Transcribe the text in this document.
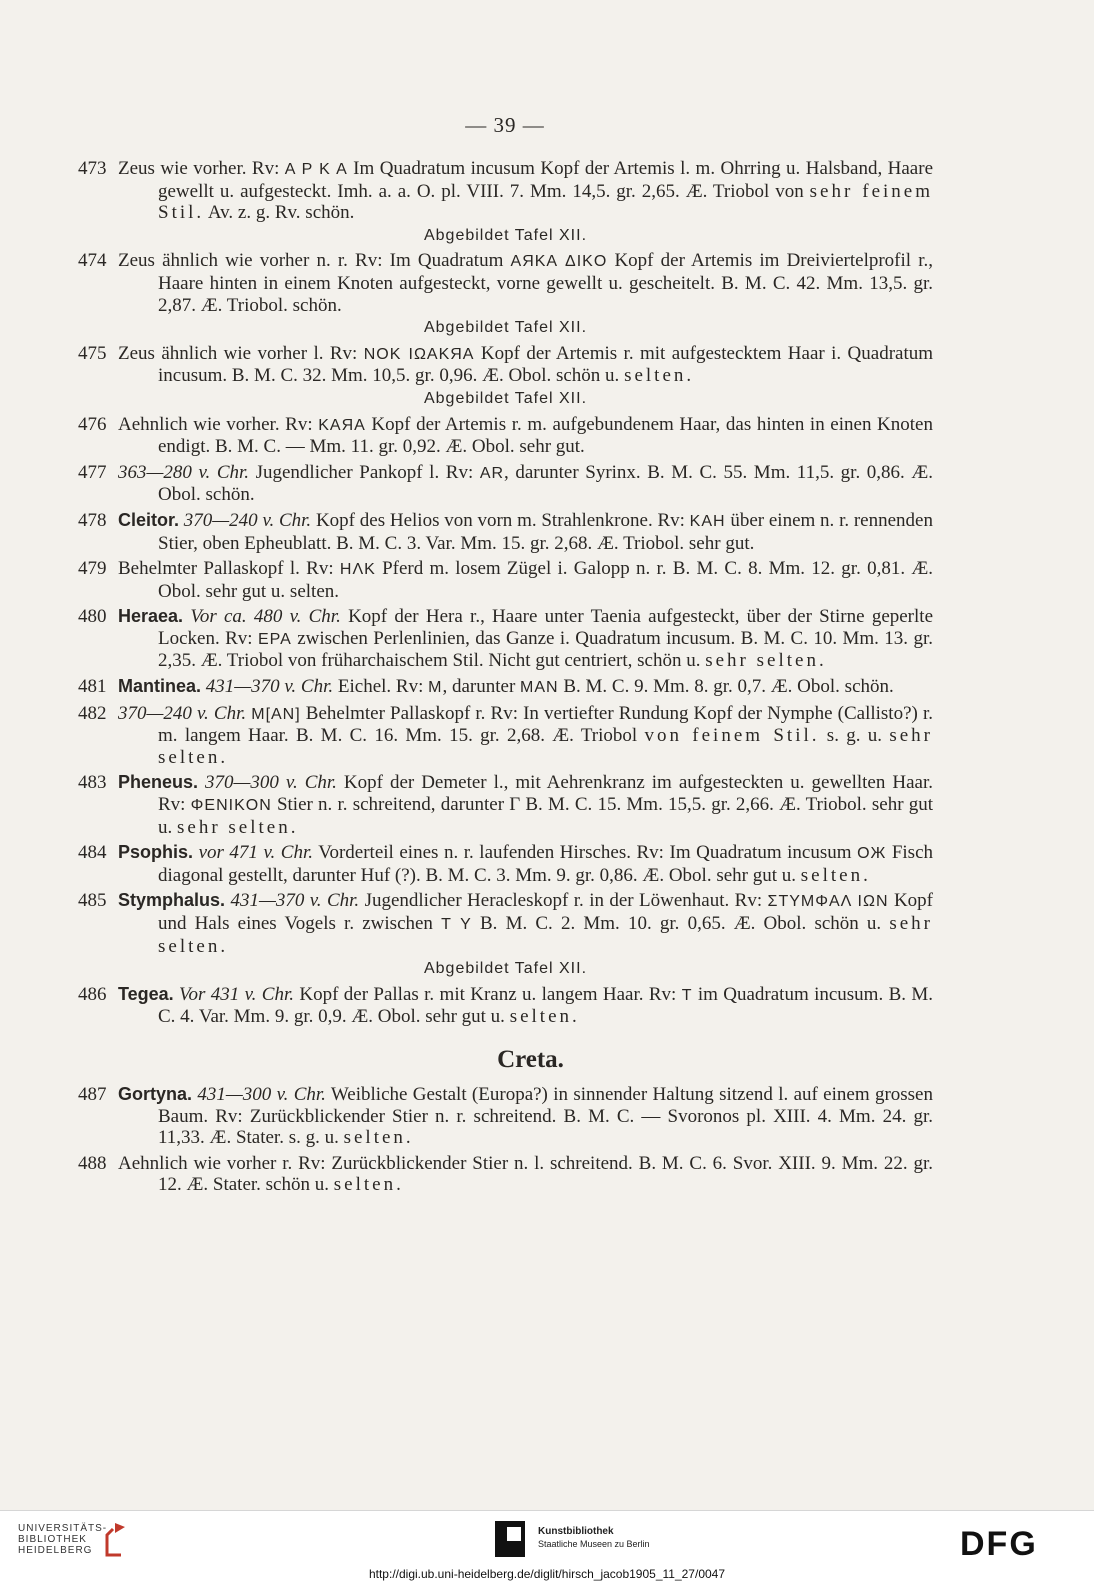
— 39 —
473 Zeus wie vorher. Rv: A P K A Im Quadratum incusum Kopf der Artemis l. m. Ohrring u. Halsband, Haare gewellt u. aufgesteckt. Imh. a. a. O. pl. VIII. 7. Mm. 14,5. gr. 2,65. Æ. Triobol von sehr feinem Stil. Av. z. g. Rv. schön.
Abgebildet Tafel XII.
474 Zeus ähnlich wie vorher n. r. Rv: Im Quadratum AЯKA ΔIKO Kopf der Artemis im Dreiviertelprofil r., Haare hinten in einem Knoten aufgesteckt, vorne gewellt u. gescheitelt. B. M. C. 42. Mm. 13,5. gr. 2,87. Æ. Triobol. schön.
Abgebildet Tafel XII.
475 Zeus ähnlich wie vorher l. Rv: NOK IΩAKЯA Kopf der Artemis r. mit aufgestecktem Haar i. Quadratum incusum. B. M. C. 32. Mm. 10,5. gr. 0,96. Æ. Obol. schön u. selten.
Abgebildet Tafel XII.
476 Aehnlich wie vorher. Rv: KAЯA Kopf der Artemis r. m. aufgebundenem Haar, das hinten in einen Knoten endigt. B. M. C. — Mm. 11. gr. 0,92. Æ. Obol. sehr gut.
477 363—280 v. Chr. Jugendlicher Pankopf l. Rv: AR, darunter Syrinx. B. M. C. 55. Mm. 11,5. gr. 0,86. Æ. Obol. schön.
478 Cleitor. 370—240 v. Chr. Kopf des Helios von vorn m. Strahlenkrone. Rv: KAH über einem n. r. rennenden Stier, oben Epheublatt. B. M. C. 3. Var. Mm. 15. gr. 2,68. Æ. Triobol. sehr gut.
479 Behelmter Pallaskopf l. Rv: HΛK Pferd m. losem Zügel i. Galopp n. r. B. M. C. 8. Mm. 12. gr. 0,81. Æ. Obol. sehr gut u. selten.
480 Heraea. Vor ca. 480 v. Chr. Kopf der Hera r., Haare unter Taenia aufgesteckt, über der Stirne geperlte Locken. Rv: EPA zwischen Perlenlinien, das Ganze i. Quadratum incusum. B. M. C. 10. Mm. 13. gr. 2,35. Æ. Triobol von früharchaischem Stil. Nicht gut centriert, schön u. sehr selten.
481 Mantinea. 431—370 v. Chr. Eichel. Rv: M, darunter MAN B. M. C. 9. Mm. 8. gr. 0,7. Æ. Obol. schön.
482 370—240 v. Chr. M[AN] Behelmter Pallaskopf r. Rv: In vertiefter Rundung Kopf der Nymphe (Callisto?) r. m. langem Haar. B. M. C. 16. Mm. 15. gr. 2,68. Æ. Triobol von feinem Stil. s. g. u. sehr selten.
483 Pheneus. 370—300 v. Chr. Kopf der Demeter l., mit Aehrenkranz im aufgesteckten u. gewellten Haar. Rv: ΦENIKON Stier n. r. schreitend, darunter Γ B. M. C. 15. Mm. 15,5. gr. 2,66. Æ. Triobol. sehr gut u. sehr selten.
484 Psophis. vor 471 v. Chr. Vorderteil eines n. r. laufenden Hirsches. Rv: Im Quadratum incusum OЖ Fisch diagonal gestellt, darunter Huf (?). B. M. C. 3. Mm. 9. gr. 0,86. Æ. Obol. sehr gut u. selten.
485 Stymphalus. 431—370 v. Chr. Jugendlicher Heracleskopf r. in der Löwenhaut. Rv: ΣTYMΦAΛ IΩN Kopf und Hals eines Vogels r. zwischen T Y B. M. C. 2. Mm. 10. gr. 0,65. Æ. Obol. schön u. sehr selten.
Abgebildet Tafel XII.
486 Tegea. Vor 431 v. Chr. Kopf der Pallas r. mit Kranz u. langem Haar. Rv: T im Quadratum incusum. B. M. C. 4. Var. Mm. 9. gr. 0,9. Æ. Obol. sehr gut u. selten.
Creta.
487 Gortyna. 431—300 v. Chr. Weibliche Gestalt (Europa?) in sinnender Haltung sitzend l. auf einem grossen Baum. Rv: Zurückblickender Stier n. r. schreitend. B. M. C. — Svoronos pl. XIII. 4. Mm. 24. gr. 11,33. Æ. Stater. s. g. u. selten.
488 Aehnlich wie vorher r. Rv: Zurückblickender Stier n. l. schreitend. B. M. C. 6. Svor. XIII. 9. Mm. 22. gr. 12. Æ. Stater. schön u. selten.
UNIVERSITÄTS-
BIBLIOTHEK
HEIDELBERG
Kunstbibliothek
Staatliche Museen zu Berlin	DFG
http://digi.ub.uni-heidelberg.de/diglit/hirsch_jacob1905_11_27/0047
